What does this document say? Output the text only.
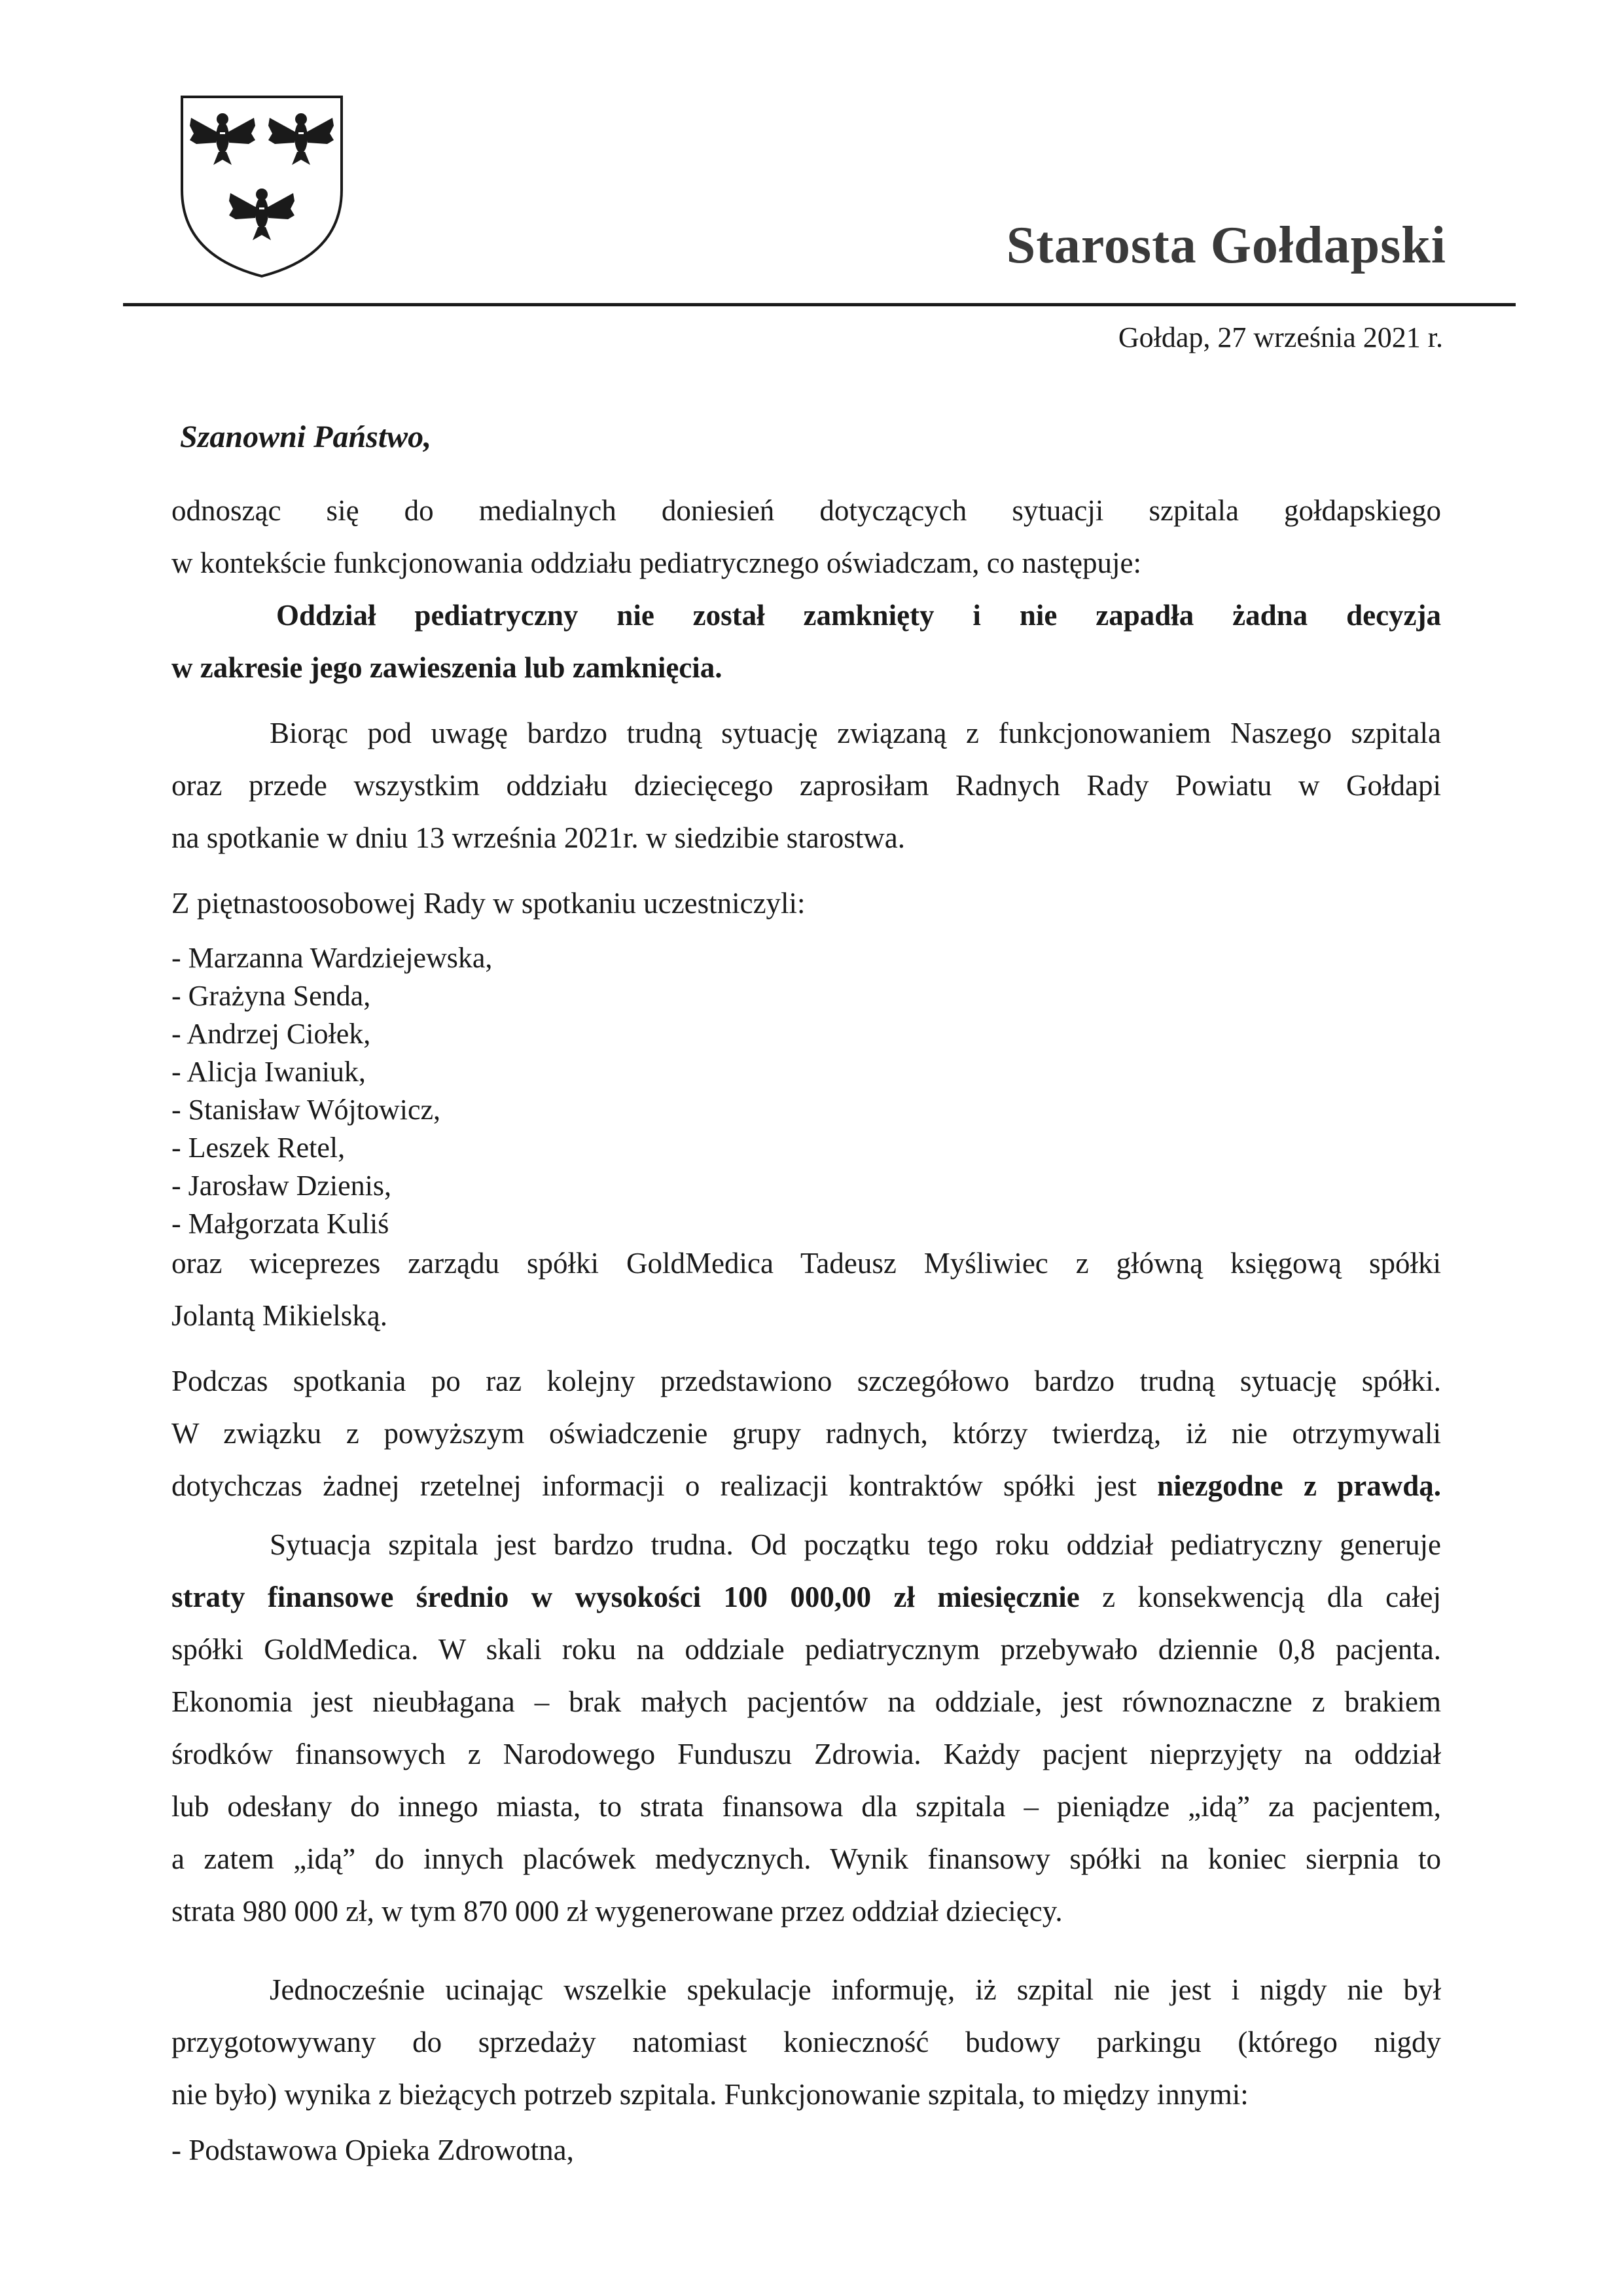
Starosta Gołdapski
Gołdap, 27 września 2021 r.
Szanowni Państwo,
odnosząc się do medialnych doniesień dotyczących sytuacji szpitala gołdapskiego
w kontekście funkcjonowania oddziału pediatrycznego oświadczam, co następuje:
Oddział pediatryczny nie został zamknięty i nie zapadła żadna decyzja
w zakresie jego zawieszenia lub zamknięcia.
Biorąc pod uwagę bardzo trudną sytuację związaną z funkcjonowaniem Naszego szpitala
oraz przede wszystkim oddziału dziecięcego zaprosiłam Radnych Rady Powiatu w Gołdapi
na spotkanie w dniu 13 września 2021r. w siedzibie starostwa.
Z piętnastoosobowej Rady w spotkaniu uczestniczyli:
- Marzanna Wardziejewska,
- Grażyna Senda,
- Andrzej Ciołek,
- Alicja Iwaniuk,
- Stanisław Wójtowicz,
- Leszek Retel,
- Jarosław Dzienis,
- Małgorzata Kuliś
oraz wiceprezes zarządu spółki GoldMedica Tadeusz Myśliwiec z główną księgową spółki
Jolantą Mikielską.
Podczas spotkania po raz kolejny przedstawiono szczegółowo bardzo trudną sytuację spółki.
W związku z powyższym oświadczenie grupy radnych, którzy twierdzą, iż nie otrzymywali
dotychczas żadnej rzetelnej informacji o realizacji kontraktów spółki jest niezgodne z prawdą.
Sytuacja szpitala jest bardzo trudna. Od początku tego roku oddział pediatryczny generuje
straty finansowe średnio w wysokości 100 000,00 zł miesięcznie z konsekwencją dla całej
spółki GoldMedica. W skali roku na oddziale pediatrycznym przebywało dziennie 0,8 pacjenta.
Ekonomia jest nieubłagana – brak małych pacjentów na oddziale, jest równoznaczne z brakiem
środków finansowych z Narodowego Funduszu Zdrowia. Każdy pacjent nieprzyjęty na oddział
lub odesłany do innego miasta, to strata finansowa dla szpitala – pieniądze „idą” za pacjentem,
a zatem „idą” do innych placówek medycznych. Wynik finansowy spółki na koniec sierpnia to
strata 980 000 zł, w tym 870 000 zł wygenerowane przez oddział dziecięcy.
Jednocześnie ucinając wszelkie spekulacje informuję, iż szpital nie jest i nigdy nie był
przygotowywany do sprzedaży natomiast konieczność budowy parkingu (którego nigdy
nie było) wynika z bieżących potrzeb szpitala. Funkcjonowanie szpitala, to między innymi:
- Podstawowa Opieka Zdrowotna,
